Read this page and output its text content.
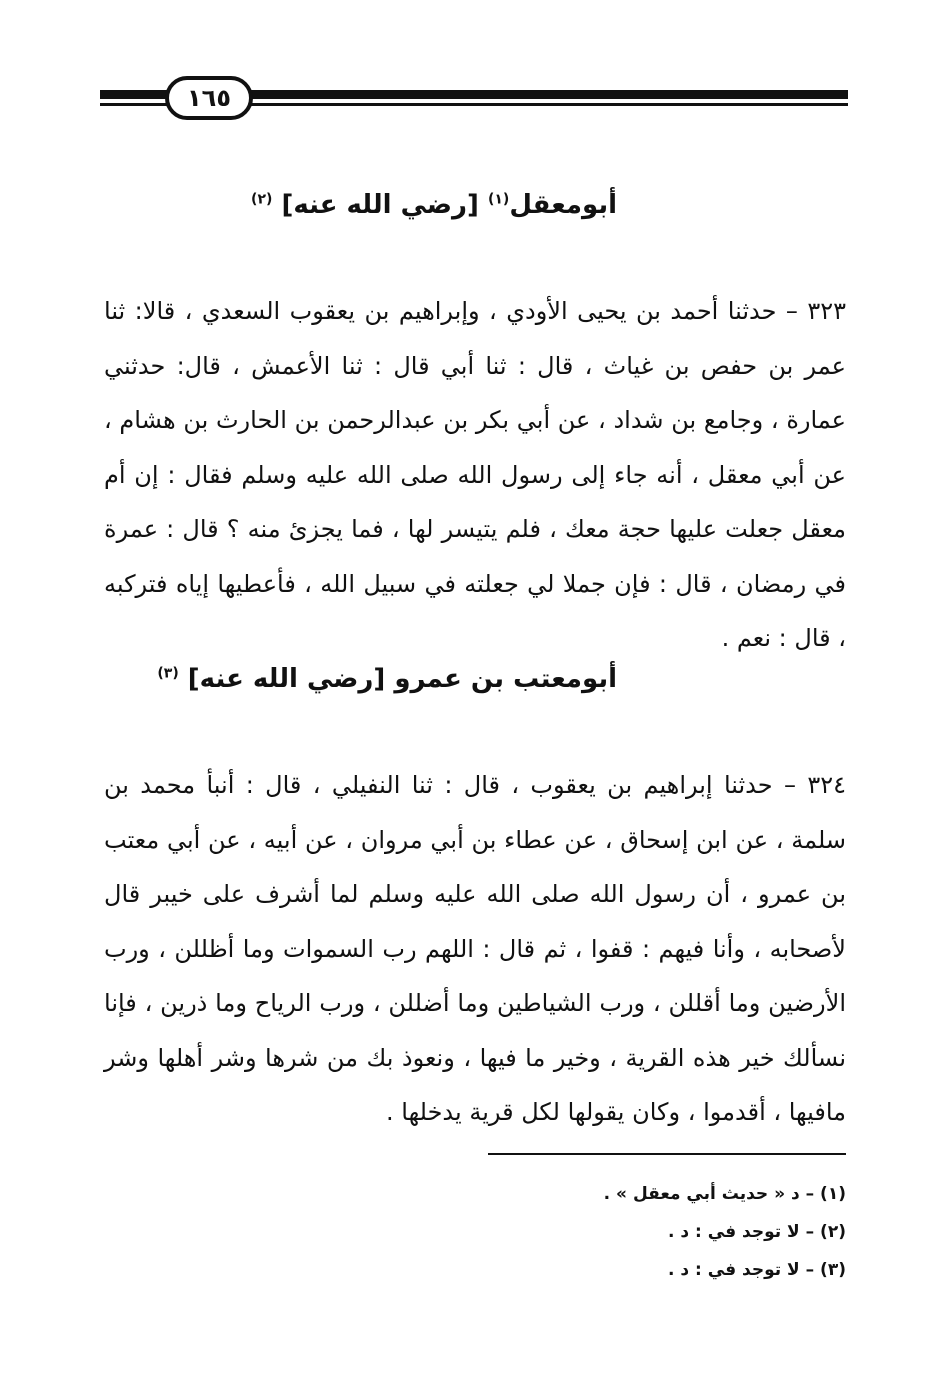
١٦٥
أبومعقل$^{(١)}$ [رضي الله عنه] $^{(٢)}$

٣٢٣ – حدثنا أحمد بن يحيى الأودي ، وإبراهيم بن يعقوب السعدي ، قالا: ثنا عمر بن حفص بن غياث ، قال : ثنا أبي قال : ثنا الأعمش ، قال: حدثني عمارة ، وجامع بن شداد ، عن أبي بكر بن عبدالرحمن بن الحارث بن هشام ، عن أبي معقل ، أنه جاء إلى رسول الله صلى الله عليه وسلم فقال : إن أم معقل جعلت عليها حجة معك ، فلم يتيسر لها ، فما يجزئ منه ؟ قال : عمرة في رمضان ، قال : فإن جملا لي جعلته في سبيل الله ، فأعطيها إياه فتركبه ، قال : نعم .

أبومعتب بن عمرو [رضي الله عنه] $^{(٣)}$

٣٢٤ – حدثنا إبراهيم بن يعقوب ، قال : ثنا النفيلي ، قال : أنبأ محمد بن سلمة ، عن ابن إسحاق ، عن عطاء بن أبي مروان ، عن أبيه ، عن أبي معتب بن عمرو ، أن رسول الله صلى الله عليه وسلم لما أشرف على خيبر قال لأصحابه ، وأنا فيهم : قفوا ، ثم قال : اللهم رب السموات وما أظللن ، ورب الأرضين وما أقللن ، ورب الشياطين وما أضللن ، ورب الرياح وما ذرين ، فإنا نسألك خير هذه القرية ، وخير ما فيها ، ونعوذ بك من شرها وشر أهلها وشر مافيها ، أقدموا ، وكان يقولها لكل قرية يدخلها .

(١) – د « حديث أبي معقل » .
(٢) – لا توجد في : د .
(٣) – لا توجد في : د .
